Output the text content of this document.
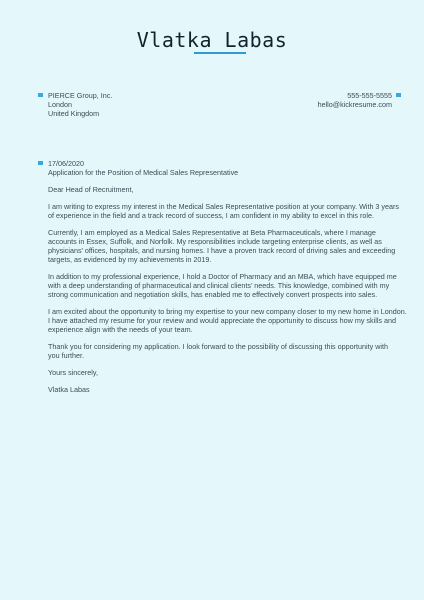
Vlatka Labas
PIERCE Group, Inc.
London
United Kingdom
555-555-5555
hello@kickresume.com

17/06/2020

Application for the Position of Medical Sales Representative

Dear Head of Recruitment,

I am writing to express my interest in the Medical Sales Representative position at your company. With 3 years
of experience in the field and a track record of success, I am confident in my ability to excel in this role.

Currently, I am employed as a Medical Sales Representative at Beta Pharmaceuticals, where I manage
accounts in Essex, Suffolk, and Norfolk. My responsibilities include targeting enterprise clients, as well as
physicians’ offices, hospitals, and nursing homes. I have a proven track record of driving sales and exceeding
targets, as evidenced by my achievements in 2019.

In addition to my professional experience, I hold a Doctor of Pharmacy and an MBA, which have equipped me
with a deep understanding of pharmaceutical and clinical clients’ needs. This knowledge, combined with my
strong communication and negotiation skills, has enabled me to effectively convert prospects into sales.

I am excited about the opportunity to bring my expertise to your new company closer to my new home in London.
I have attached my resume for your review and would appreciate the opportunity to discuss how my skills and
experience align with the needs of your team.

Thank you for considering my application. I look forward to the possibility of discussing this opportunity with
you further.

Yours sincerely,

Vlatka Labas
